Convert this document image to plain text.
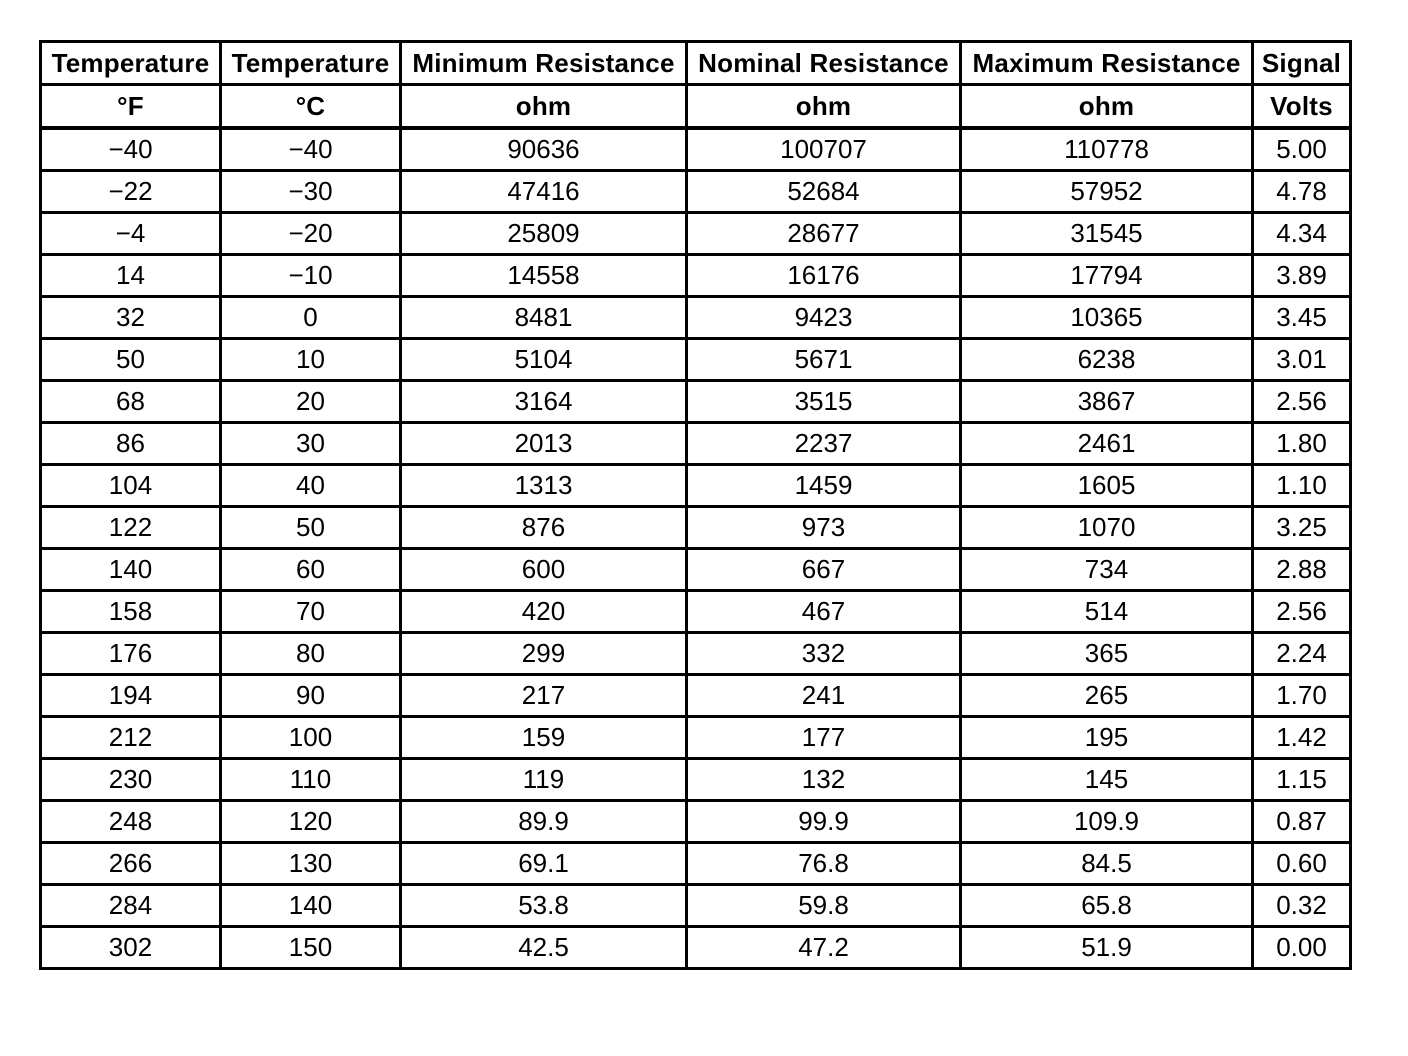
Temperature	Temperature	Minimum Resistance	Nominal Resistance	Maximum Resistance	Signal
°F	°C	ohm	ohm	ohm	Volts
−40	−40	90636	100707	110778	5.00
−22	−30	47416	52684	57952	4.78
−4	−20	25809	28677	31545	4.34
14	−10	14558	16176	17794	3.89
32	0	8481	9423	10365	3.45
50	10	5104	5671	6238	3.01
68	20	3164	3515	3867	2.56
86	30	2013	2237	2461	1.80
104	40	1313	1459	1605	1.10
122	50	876	973	1070	3.25
140	60	600	667	734	2.88
158	70	420	467	514	2.56
176	80	299	332	365	2.24
194	90	217	241	265	1.70
212	100	159	177	195	1.42
230	110	119	132	145	1.15
248	120	89.9	99.9	109.9	0.87
266	130	69.1	76.8	84.5	0.60
284	140	53.8	59.8	65.8	0.32
302	150	42.5	47.2	51.9	0.00
